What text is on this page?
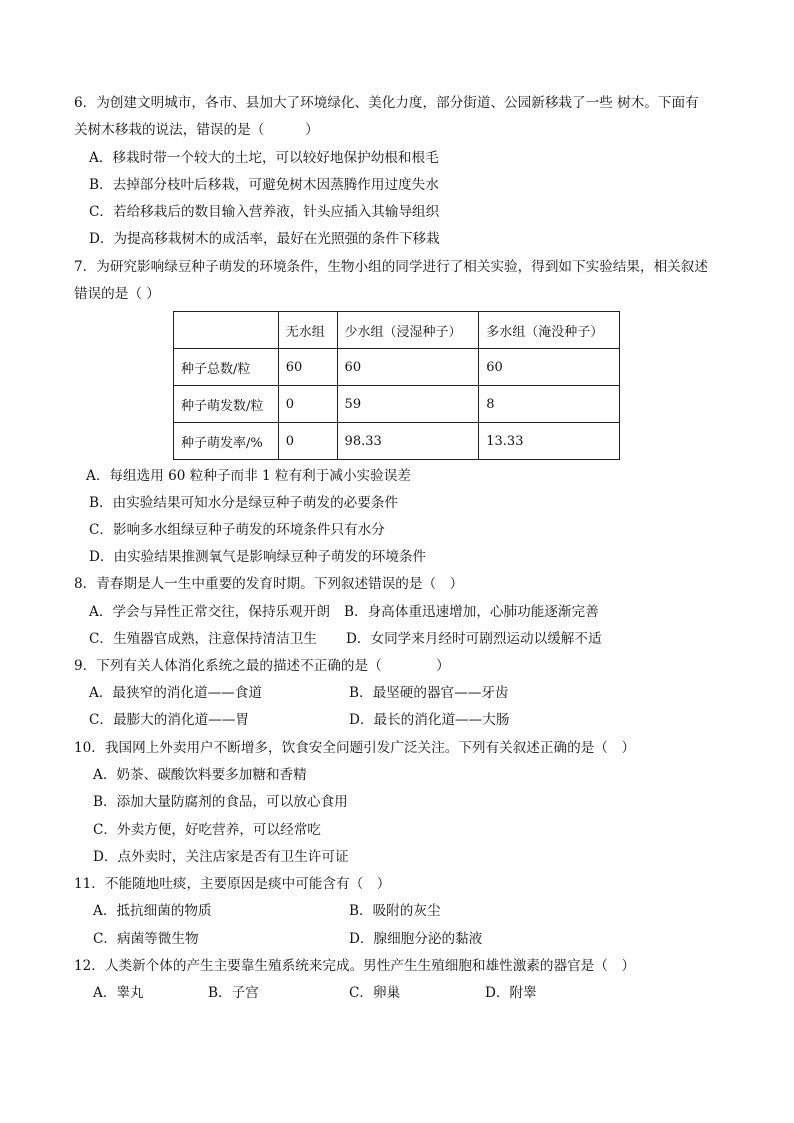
6．为创建文明城市，各市、县加大了环境绿化、美化力度，部分街道、公园新移栽了一些 树木。下面有
关树木移栽的说法，错误的是（　　　）
A．移栽时带一个较大的土坨，可以较好地保护幼根和根毛
B．去掉部分枝叶后移栽，可避免树木因蒸腾作用过度失水
C．若给移栽后的数目输入营养液，针头应插入其输导组织
D．为提高移栽树木的成活率，最好在光照强的条件下移栽
7．为研究影响绿豆种子萌发的环境条件，生物小组的同学进行了相关实验，得到如下实验结果，相关叙述
错误的是（ ）
	无水组	少水组（浸湿种子）	多水组（淹没种子）
种子总数/粒	60	60	60
种子萌发数/粒	0	59	8
种子萌发率/%	0	98.33	13.33
A．每组选用 60 粒种子而非 1 粒有利于减小实验误差
B．由实验结果可知水分是绿豆种子萌发的必要条件
C．影响多水组绿豆种子萌发的环境条件只有水分
D．由实验结果推测氧气是影响绿豆种子萌发的环境条件
8．青春期是人一生中重要的发育时期。下列叙述错误的是（　）
A．学会与异性正常交往，保持乐观开朗 B．身高体重迅速增加，心肺功能逐渐完善
C．生殖器官成熟，注意保持清洁卫生 D．女同学来月经时可剧烈运动以缓解不适
9．下列有关人体消化系统之最的描述不正确的是（　　　　）
A．最狭窄的消化道——食道	B．最坚硬的器官——牙齿
C．最膨大的消化道——胃	D．最长的消化道——大肠
10．我国网上外卖用户不断增多，饮食安全问题引发广泛关注。下列有关叙述正确的是（　）
A．奶茶、碳酸饮料要多加糖和香精
B．添加大量防腐剂的食品，可以放心食用
C．外卖方便，好吃营养，可以经常吃
D．点外卖时，关注店家是否有卫生许可证
11．不能随地吐痰，主要原因是痰中可能含有（　）
A．抵抗细菌的物质	B．吸附的灰尘
C．病菌等微生物	D．腺细胞分泌的黏液
12．人类新个体的产生主要靠生殖系统来完成。男性产生生殖细胞和雄性激素的器官是（　）
A．睾丸	B．子宫	C．卵巢	D．附睾
